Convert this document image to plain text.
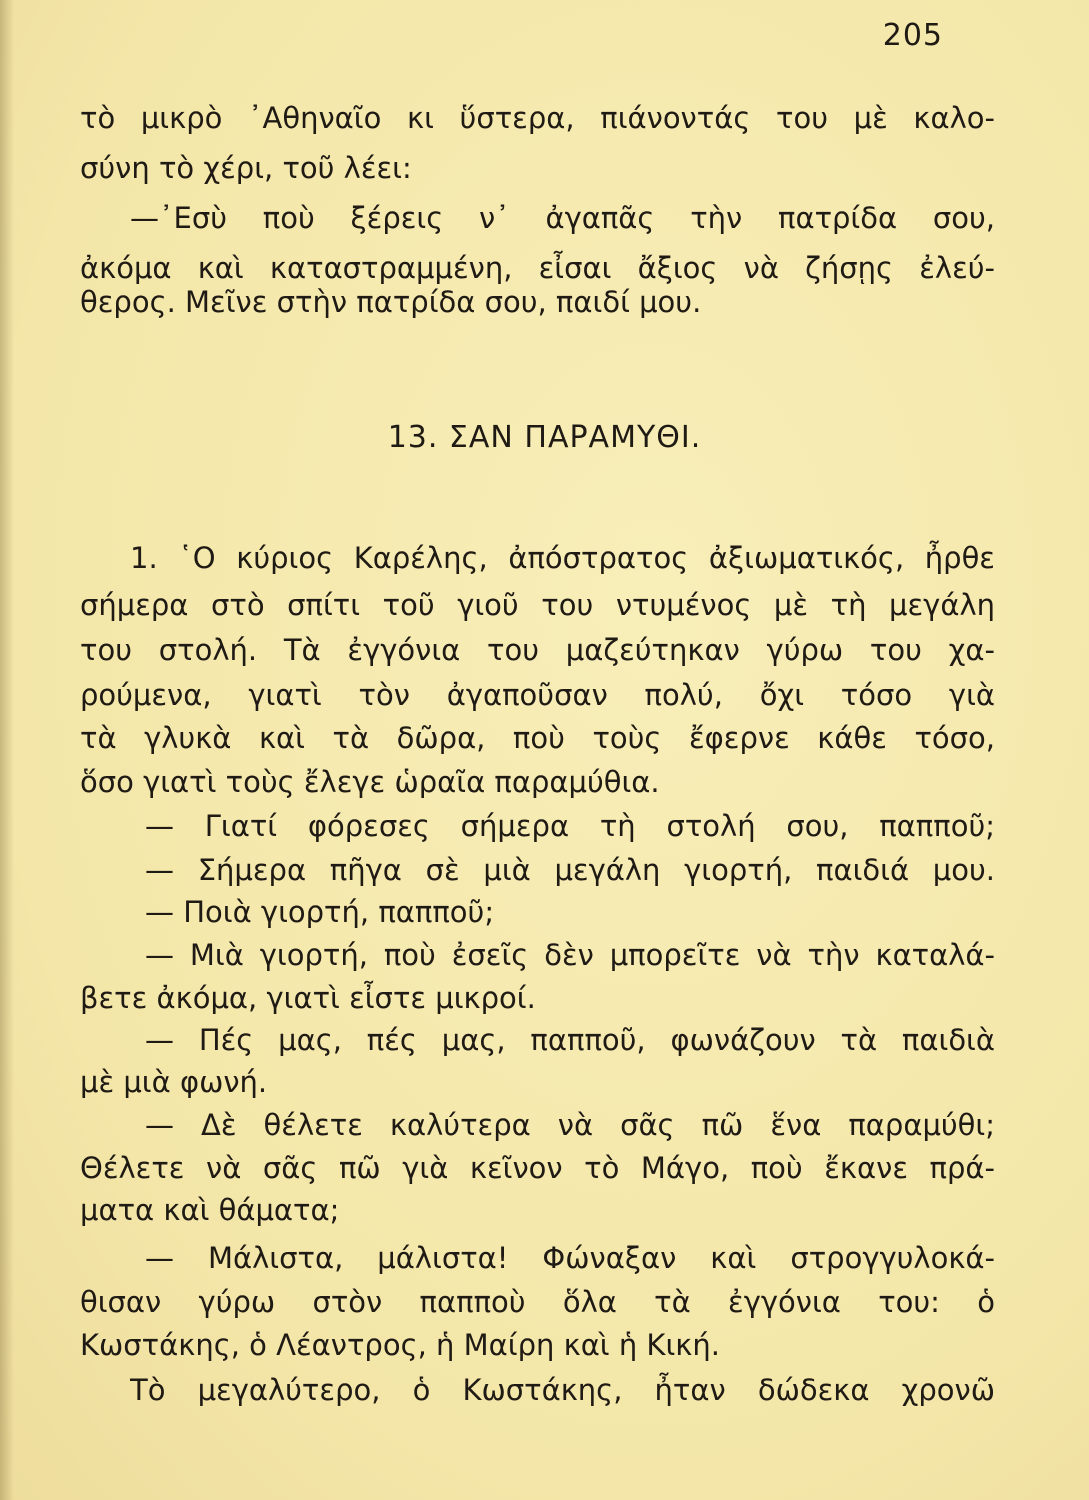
205
τὸ μικρὸ ᾽Αθηναῖο κι ὕστερα, πιάνοντάς του μὲ καλο-
σύνη τὸ χέρι, τοῦ λέει:
—᾽Εσὺ ποὺ ξέρεις ν᾽ ἀγαπᾶς τὴν πατρίδα σου,
ἀκόμα καὶ καταστραμμένη, εἶσαι ἄξιος νὰ ζήσῃς ἐλεύ-
θερος. Μεῖνε στὴν πατρίδα σου, παιδί μου.
13. ΣΑΝ ΠΑΡΑΜΥΘΙ.
1. ῾Ο κύριος Καρέλης, ἀπόστρατος ἀξιωματικός, ἦρθε
σήμερα στὸ σπίτι τοῦ γιοῦ του ντυμένος μὲ τὴ μεγάλη
του στολή. Τὰ ἐγγόνια του μαζεύτηκαν γύρω του χα-
ρούμενα, γιατὶ τὸν ἀγαποῦσαν πολύ, ὄχι τόσο γιὰ
τὰ γλυκὰ καὶ τὰ δῶρα, ποὺ τοὺς ἔφερνε κάθε τόσο,
ὅσο γιατὶ τοὺς ἔλεγε ὡραῖα παραμύθια.
— Γιατί φόρεσες σήμερα τὴ στολή σου, παπποῦ;
— Σήμερα πῆγα σὲ μιὰ μεγάλη γιορτή, παιδιά μου.
— Ποιὰ γιορτή, παπποῦ;
— Μιὰ γιορτή, ποὺ ἐσεῖς δὲν μπορεῖτε νὰ τὴν καταλά-
βετε ἀκόμα, γιατὶ εἶστε μικροί.
— Πές μας, πές μας, παπποῦ, φωνάζουν τὰ παιδιὰ
μὲ μιὰ φωνή.
— Δὲ θέλετε καλύτερα νὰ σᾶς πῶ ἕνα παραμύθι;
Θέλετε νὰ σᾶς πῶ γιὰ κεῖνον τὸ Μάγο, ποὺ ἔκανε πρά-
ματα καὶ θάματα;
— Μάλιστα, μάλιστα! Φώναξαν καὶ στρογγυλοκά-
θισαν γύρω στὸν παπποὺ ὅλα τὰ ἐγγόνια του: ὁ
Κωστάκης, ὁ Λέαντρος, ἡ Μαίρη καὶ ἡ Κική.
Τὸ μεγαλύτερο, ὁ Κωστάκης, ἦταν δώδεκα χρονῶ
